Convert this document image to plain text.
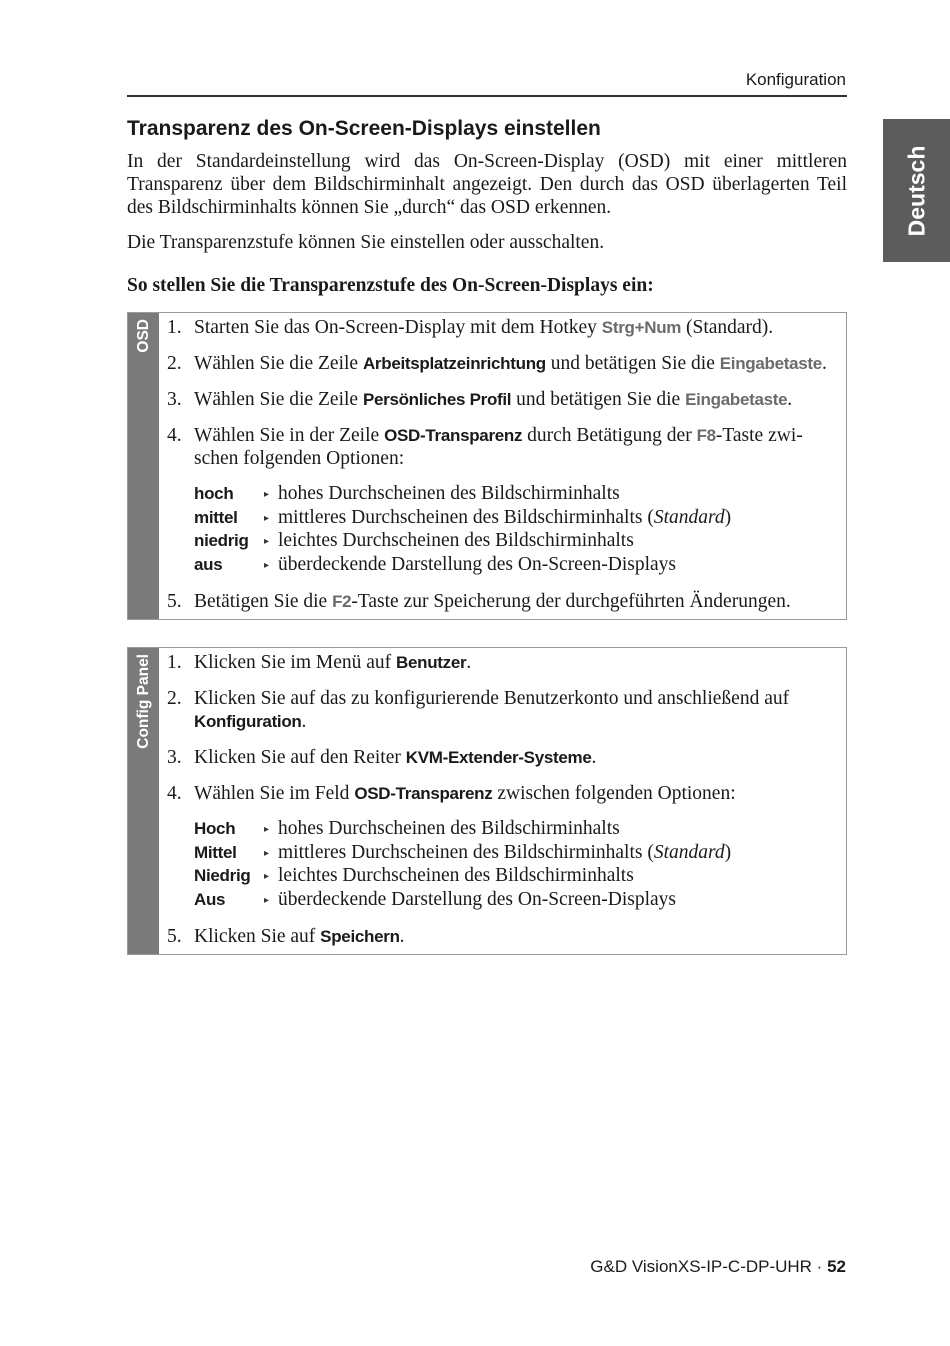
Konfiguration
Deutsch
Transparenz des On-Screen-Displays einstellen

In der Standardeinstellung wird das On-Screen-Display (OSD) mit einer mittleren Transparenz über dem Bildschirminhalt angezeigt. Den durch das OSD überlagerten Teil des Bildschirminhalts können Sie „durch“ das OSD erkennen.

Die Transparenzstufe können Sie einstellen oder ausschalten.

So stellen Sie die Transparenzstufe des On-Screen-Displays ein:

OSD 1. Starten Sie das On-Screen-Display mit dem Hotkey Strg+Num (Standard).
2. Wählen Sie die Zeile Arbeitsplatzeinrichtung und betätigen Sie die Eingabetaste.
3. Wählen Sie die Zeile Persönliches Profil und betätigen Sie die Eingabetaste.
4. Wählen Sie in der Zeile OSD-Transparenz durch Betätigung der F8-Taste zwischen folgenden Optionen:
hoch	▸ hohes Durchscheinen des Bildschirminhalts
mittel	▸ mittleres Durchscheinen des Bildschirminhalts (Standard)
niedrig	▸ leichtes Durchscheinen des Bildschirminhalts
aus	▸ überdeckende Darstellung des On-Screen-Displays
5. Betätigen Sie die F2-Taste zur Speicherung der durchgeführten Änderungen.
Config Panel 1. Klicken Sie im Menü auf Benutzer.
2. Klicken Sie auf das zu konfigurierende Benutzerkonto und anschließend auf Konfiguration.
3. Klicken Sie auf den Reiter KVM-Extender-Systeme.
4. Wählen Sie im Feld OSD-Transparenz zwischen folgenden Optionen:
Hoch	▸ hohes Durchscheinen des Bildschirminhalts
Mittel	▸ mittleres Durchscheinen des Bildschirminhalts (Standard)
Niedrig	▸ leichtes Durchscheinen des Bildschirminhalts
Aus	▸ überdeckende Darstellung des On-Screen-Displays
5. Klicken Sie auf Speichern.
G&D VisionXS-IP-C-DP-UHR · 52
